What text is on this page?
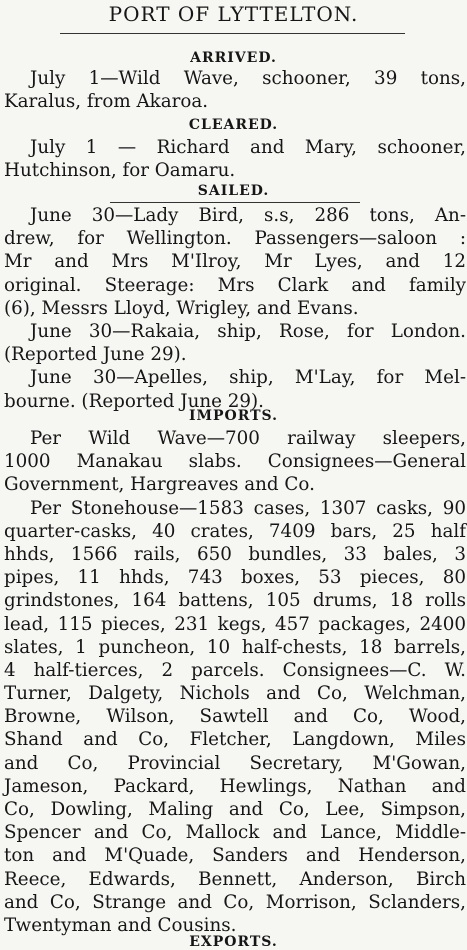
PORT OF LYTTELTON.
ARRIVED.
July 1—Wild Wave, schooner, 39 tons,
Karalus, from Akaroa.
CLEARED.
July 1 — Richard and Mary, schooner,
Hutchinson, for Oamaru.
SAILED.
June 30—Lady Bird, s.s, 286 tons, An-
drew, for Wellington. Passengers—saloon :
Mr and Mrs M'Ilroy, Mr Lyes, and 12
original. Steerage: Mrs Clark and family
(6), Messrs Lloyd, Wrigley, and Evans.
June 30—Rakaia, ship, Rose, for London.
(Reported June 29).
June 30—Apelles, ship, M'Lay, for Mel-
bourne. (Reported June 29).
IMPORTS.
Per Wild Wave—700 railway sleepers,
1000 Manakau slabs. Consignees—General
Government, Hargreaves and Co.
Per Stonehouse—1583 cases, 1307 casks, 90
quarter-casks, 40 crates, 7409 bars, 25 half
hhds, 1566 rails, 650 bundles, 33 bales, 3
pipes, 11 hhds, 743 boxes, 53 pieces, 80
grindstones, 164 battens, 105 drums, 18 rolls
lead, 115 pieces, 231 kegs, 457 packages, 2400
slates, 1 puncheon, 10 half-chests, 18 barrels,
4 half-tierces, 2 parcels. Consignees—C. W.
Turner, Dalgety, Nichols and Co, Welchman,
Browne, Wilson, Sawtell and Co, Wood,
Shand and Co, Fletcher, Langdown, Miles
and Co, Provincial Secretary, M'Gowan,
Jameson, Packard, Hewlings, Nathan and
Co, Dowling, Maling and Co, Lee, Simpson,
Spencer and Co, Mallock and Lance, Middle-
ton and M'Quade, Sanders and Henderson,
Reece, Edwards, Bennett, Anderson, Birch
and Co, Strange and Co, Morrison, Sclanders,
Twentyman and Cousins.
EXPORTS.
